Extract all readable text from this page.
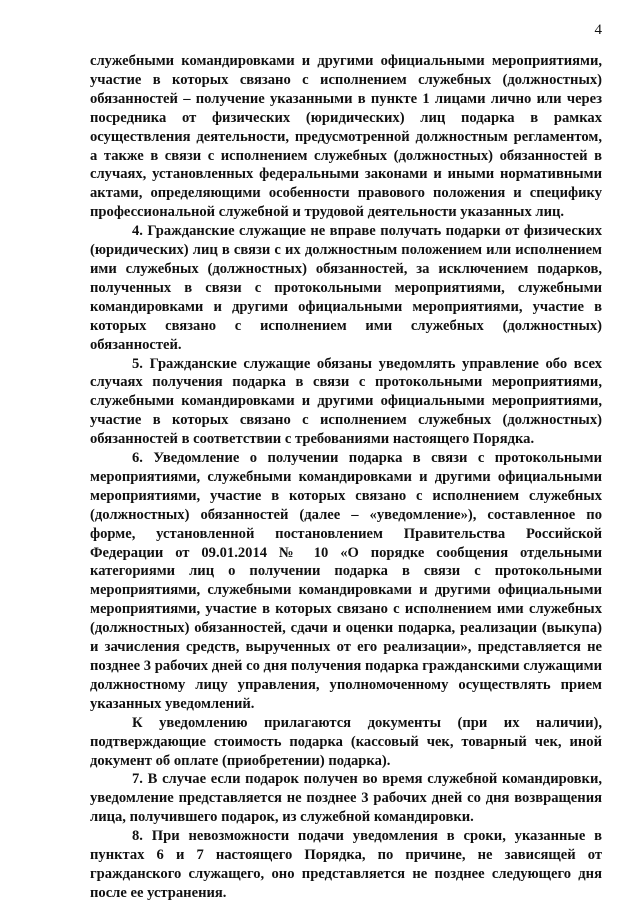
4

служебными командировками и другими официальными мероприятиями, участие в которых связано с исполнением служебных (должностных) обязанностей – получение указанными в пункте 1 лицами лично или через посредника от физических (юридических) лиц подарка в рамках осуществления деятельности, предусмотренной должностным регламентом, а также в связи с исполнением служебных (должностных) обязанностей в случаях, установленных федеральными законами и иными нормативными актами, определяющими особенности правового положения и специфику профессиональной служебной и трудовой деятельности указанных лиц.

4. Гражданские служащие не вправе получать подарки от физических (юридических) лиц в связи с их должностным положением или исполнением ими служебных (должностных) обязанностей, за исключением подарков, полученных в связи с протокольными мероприятиями, служебными командировками и другими официальными мероприятиями, участие в которых связано с исполнением ими служебных (должностных) обязанностей.

5. Гражданские служащие обязаны уведомлять управление обо всех случаях получения подарка в связи с протокольными мероприятиями, служебными командировками и другими официальными мероприятиями, участие в которых связано с исполнением служебных (должностных) обязанностей в соответствии с требованиями настоящего Порядка.

6. Уведомление о получении подарка в связи с протокольными мероприятиями, служебными командировками и другими официальными мероприятиями, участие в которых связано с исполнением служебных (должностных) обязанностей (далее – «уведомление»), составленное по форме, установленной постановлением Правительства Российской Федерации от 09.01.2014 № 10 «О порядке сообщения отдельными категориями лиц о получении подарка в связи с протокольными мероприятиями, служебными командировками и другими официальными мероприятиями, участие в которых связано с исполнением ими служебных (должностных) обязанностей, сдачи и оценки подарка, реализации (выкупа) и зачисления средств, вырученных от его реализации», представляется не позднее 3 рабочих дней со дня получения подарка гражданскими служащими должностному лицу управления, уполномоченному осуществлять прием указанных уведомлений.

К уведомлению прилагаются документы (при их наличии), подтверждающие стоимость подарка (кассовый чек, товарный чек, иной документ об оплате (приобретении) подарка).

7. В случае если подарок получен во время служебной командировки, уведомление представляется не позднее 3 рабочих дней со дня возвращения лица, получившего подарок, из служебной командировки.

8. При невозможности подачи уведомления в сроки, указанные в пунктах 6 и 7 настоящего Порядка, по причине, не зависящей от гражданского служащего, оно представляется не позднее следующего дня после ее устранения.
